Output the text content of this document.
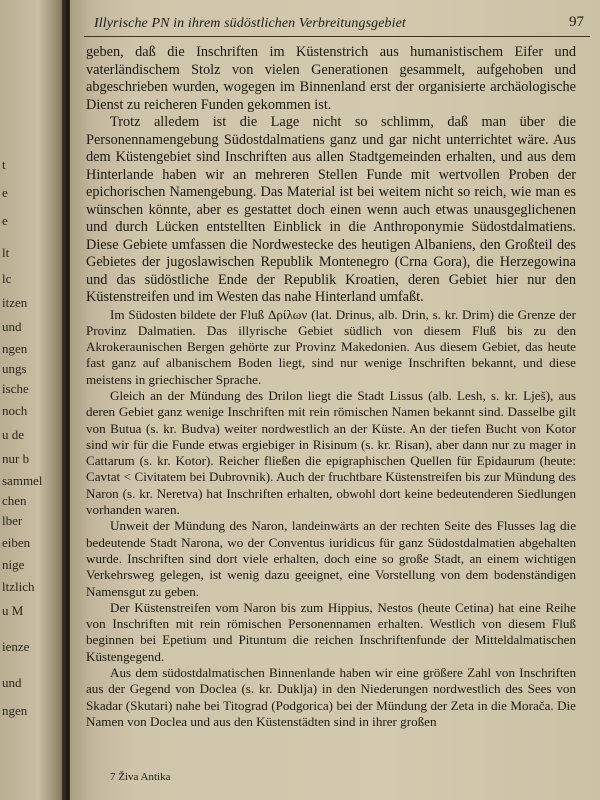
t
e
e
lt
lc
itzen
und
ngen
ungs
ische
noch
u de
nur b
sammel
chen
lber
eiben
nige
ltzlich
u M
ienze
und
ngen
Illyrische PN in ihrem südöstlichen Verbreitungsgebiet	97

geben, daß die Inschriften im Küstenstrich aus humanistischem Eifer und vaterländischem Stolz von vielen Generationen gesammelt, aufgehoben und abgeschrieben wurden, wogegen im Binnenland erst der organisierte archäologische Dienst zu reicheren Funden gekommen ist.

Trotz alledem ist die Lage nicht so schlimm, daß man über die Personennamengebung Südostdalmatiens ganz und gar nicht unterrichtet wäre. Aus dem Küstengebiet sind Inschriften aus allen Stadtgemeinden erhalten, und aus dem Hinterlande haben wir an mehreren Stellen Funde mit wertvollen Proben der epichorischen Namengebung. Das Material ist bei weitem nicht so reich, wie man es wünschen könnte, aber es gestattet doch einen wenn auch etwas unausgeglichenen und durch Lücken entstellten Einblick in die Anthroponymie Südostdalmatiens. Diese Gebiete umfassen die Nordwestecke des heutigen Albaniens, den Großteil des Gebietes der jugoslawischen Republik Montenegro (Crna Gora), die Herzegowina und das südöstliche Ende der Republik Kroatien, deren Gebiet hier nur den Küstenstreifen und im Westen das nahe Hinterland umfaßt.

Im Südosten bildete der Fluß Δρίλων (lat. Drinus, alb. Drin, s. kr. Drim) die Grenze der Provinz Dalmatien. Das illyrische Gebiet südlich von diesem Fluß bis zu den Akrokeraunischen Bergen gehörte zur Provinz Makedonien. Aus diesem Gebiet, das heute fast ganz auf albanischem Boden liegt, sind nur wenige Inschriften bekannt, und diese meistens in griechischer Sprache.

Gleich an der Mündung des Drilon liegt die Stadt Lissus (alb. Lesh, s. kr. Lješ), aus deren Gebiet ganz wenige Inschriften mit rein römischen Namen bekannt sind. Dasselbe gilt von Butua (s. kr. Budva) weiter nordwestlich an der Küste. An der tiefen Bucht von Kotor sind wir für die Funde etwas ergiebiger in Risinum (s. kr. Risan), aber dann nur zu mager in Cattarum (s. kr. Kotor). Reicher fließen die epigraphischen Quellen für Epidaurum (heute: Cavtat < Civitatem bei Dubrovnik). Auch der fruchtbare Küstenstreifen bis zur Mündung des Naron (s. kr. Neretva) hat Inschriften erhalten, obwohl dort keine bedeutenderen Siedlungen vorhanden waren.

Unweit der Mündung des Naron, landeinwärts an der rechten Seite des Flusses lag die bedeutende Stadt Narona, wo der Conventus iuridicus für ganz Südostdalmatien abgehalten wurde. Inschriften sind dort viele erhalten, doch eine so große Stadt, an einem wichtigen Verkehrsweg gelegen, ist wenig dazu geeignet, eine Vorstellung von dem bodenständigen Namensgut zu geben.

Der Küstenstreifen vom Naron bis zum Hippius, Nestos (heute Cetina) hat eine Reihe von Inschriften mit rein römischen Personennamen erhalten. Westlich von diesem Fluß beginnen bei Epetium und Pituntum die reichen Inschriftenfunde der Mitteldalmatischen Küstengegend.

Aus dem südostdalmatischen Binnenlande haben wir eine größere Zahl von Inschriften aus der Gegend von Doclea (s. kr. Duklja) in den Niederungen nordwestlich des Sees von Skadar (Skutari) nahe bei Titograd (Podgorica) bei der Mündung der Zeta in die Morača. Die Namen von Doclea und aus den Küstenstädten sind in ihrer großen

7 Živa Antika
